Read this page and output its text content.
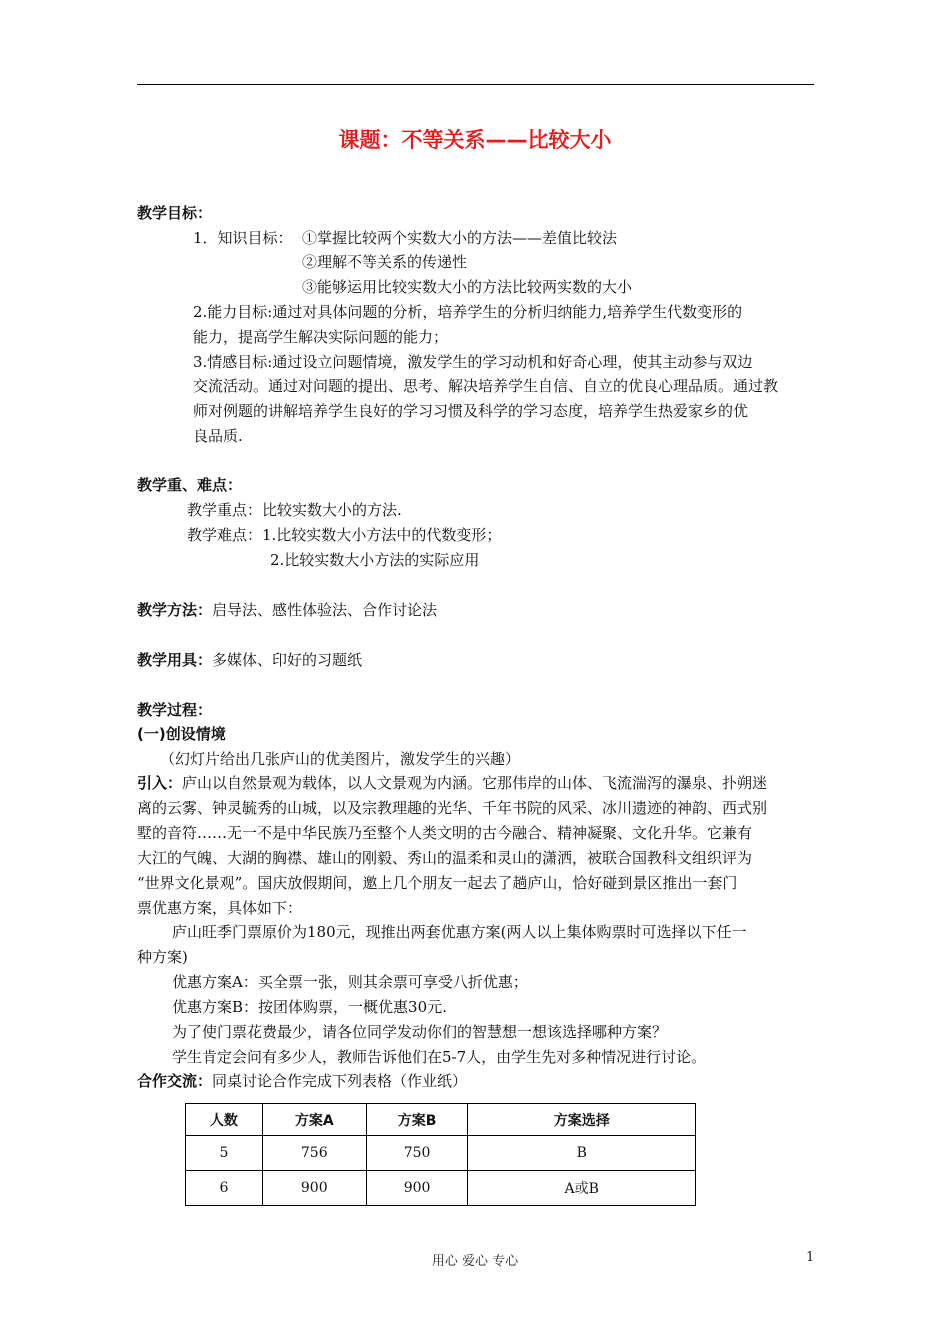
课题：不等关系——比较大小
教学目标：
1．知识目标： ①掌握比较两个实数大小的方法——差值比较法
②理解不等关系的传递性
③能够运用比较实数大小的方法比较两实数的大小
2.能力目标:通过对具体问题的分析，培养学生的分析归纳能力,培养学生代数变形的
能力，提高学生解决实际问题的能力；
3.情感目标:通过设立问题情境，激发学生的学习动机和好奇心理，使其主动参与双边
交流活动。通过对问题的提出、思考、解决培养学生自信、自立的优良心理品质。通过教
师对例题的讲解培养学生良好的学习习惯及科学的学习态度，培养学生热爱家乡的优
良品质.
教学重、难点：
教学重点：比较实数大小的方法.
教学难点：1.比较实数大小方法中的代数变形；
2.比较实数大小方法的实际应用
教学方法：启导法、感性体验法、合作讨论法
教学用具：多媒体、印好的习题纸
教学过程：
(一)创设情境
（幻灯片给出几张庐山的优美图片，激发学生的兴趣）
引入：庐山以自然景观为载体，以人文景观为内涵。它那伟岸的山体、飞流湍泻的瀑泉、扑朔迷
离的云雾、钟灵毓秀的山城，以及宗教理趣的光华、千年书院的风采、冰川遗迹的神韵、西式别
墅的音符……无一不是中华民族乃至整个人类文明的古今融合、精神凝聚、文化升华。它兼有
大江的气魄、大湖的胸襟、雄山的刚毅、秀山的温柔和灵山的潇洒，被联合国教科文组织评为
“世界文化景观”。国庆放假期间，邀上几个朋友一起去了趟庐山，恰好碰到景区推出一套门
票优惠方案，具体如下：
庐山旺季门票原价为180元，现推出两套优惠方案(两人以上集体购票时可选择以下任一
种方案)
优惠方案A：买全票一张，则其余票可享受八折优惠；
优惠方案B：按团体购票，一概优惠30元.
为了使门票花费最少，请各位同学发动你们的智慧想一想该选择哪种方案？
学生肯定会问有多少人，教师告诉他们在5-7人，由学生先对多种情况进行讨论。
合作交流：同桌讨论合作完成下列表格（作业纸）
人数	方案A	方案B	方案选择
5	756	750	B
6	900	900	A或B
用心 爱心 专心	1
